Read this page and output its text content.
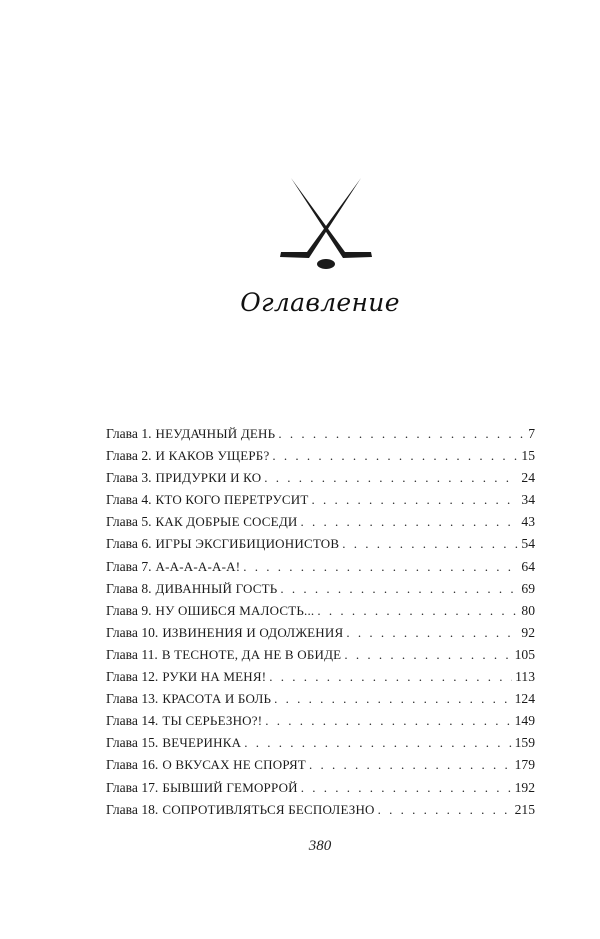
Оглавление
Глава 1. НЕУДАЧНЫЙ ДЕНЬ . . .	7
Глава 2. И КАКОВ УЩЕРБ? . . .	15
Глава 3. ПРИДУРКИ И КО . . .	24
Глава 4. КТО КОГО ПЕРЕТРУСИТ . . .	34
Глава 5. КАК ДОБРЫЕ СОСЕДИ . . .	43
Глава 6. ИГРЫ ЭКСГИБИЦИОНИСТОВ . . .	54
Глава 7. А-А-А-А-А-А! . . .	64
Глава 8. ДИВАННЫЙ ГОСТЬ . . .	69
Глава 9. НУ ОШИБСЯ МАЛОСТЬ... . . .	80
Глава 10. ИЗВИНЕНИЯ И ОДОЛЖЕНИЯ . . .	92
Глава 11. В ТЕСНОТЕ, ДА НЕ В ОБИДЕ . . .	105
Глава 12. РУКИ НА МЕНЯ! . . .	113
Глава 13. КРАСОТА И БОЛЬ . . .	124
Глава 14. ТЫ СЕРЬЕЗНО?! . . .	149
Глава 15. ВЕЧЕРИНКА . . .	159
Глава 16. О ВКУСАХ НЕ СПОРЯТ . . .	179
Глава 17. БЫВШИЙ ГЕМОРРОЙ . . .	192
Глава 18. СОПРОТИВЛЯТЬСЯ БЕСПОЛЕЗНО . . .	215
380
